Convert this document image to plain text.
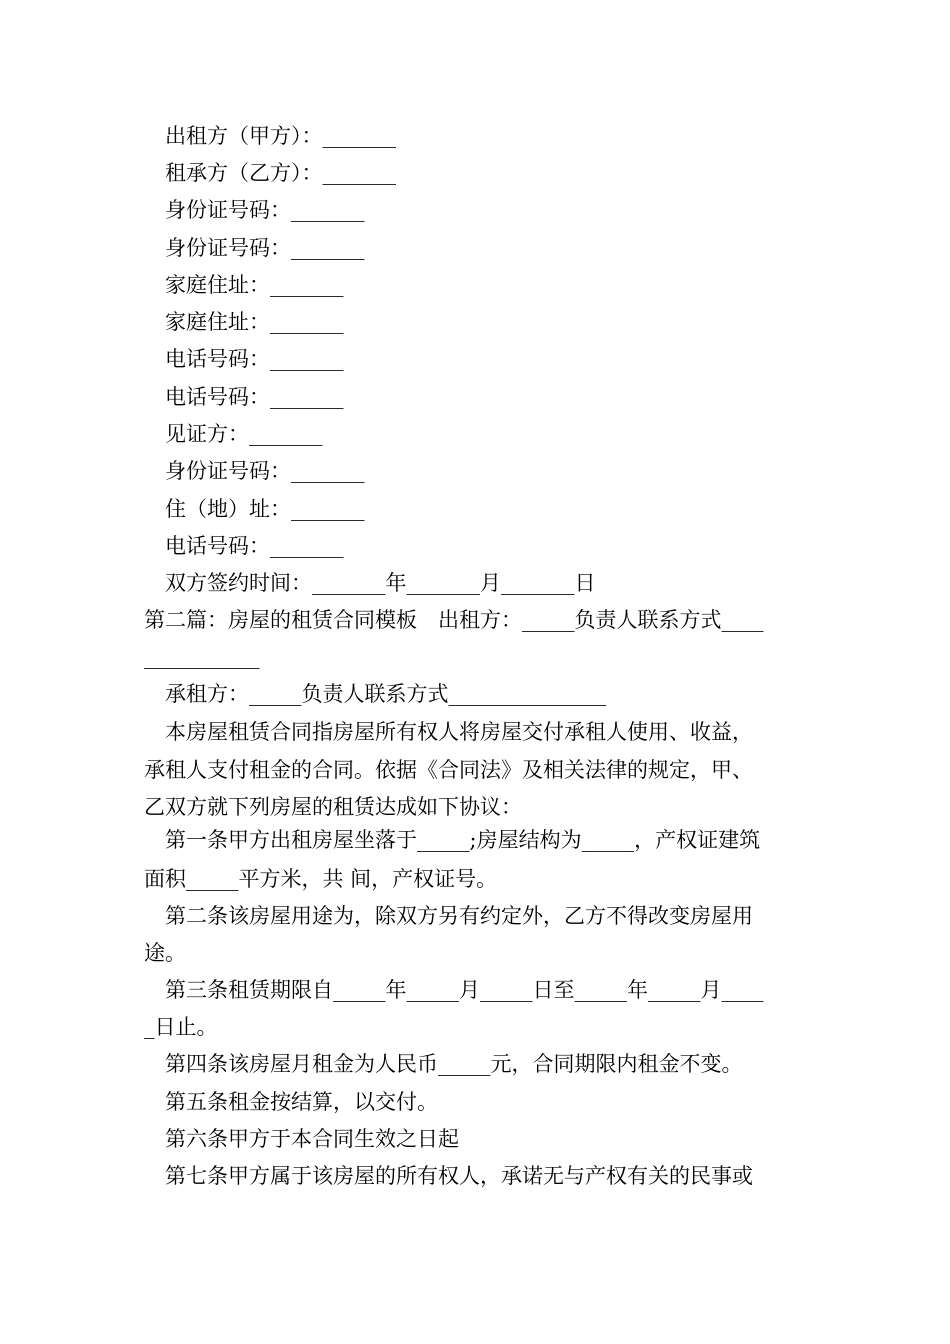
出租方（甲方）：_______
租承方（乙方）：_______
身份证号码：_______
身份证号码：_______
家庭住址：_______
家庭住址：_______
电话号码：_______
电话号码：_______
见证方：_______
身份证号码：_______
住（地）址：_______
电话号码：_______
双方签约时间：_______年_______月_______日
第二篇：房屋的租赁合同模板　出租方：_____负责人联系方式____
___________
承租方：_____负责人联系方式_______________
本房屋租赁合同指房屋所有权人将房屋交付承租人使用、收益，
承租人支付租金的合同。依据《合同法》及相关法律的规定，甲、
乙双方就下列房屋的租赁达成如下协议：
第一条甲方出租房屋坐落于_____;房屋结构为_____，产权证建筑
面积_____平方米，共 间，产权证号。
第二条该房屋用途为，除双方另有约定外，乙方不得改变房屋用
途。
第三条租赁期限自_____年_____月_____日至_____年_____月____
_日止。
第四条该房屋月租金为人民币_____元，合同期限内租金不变。
第五条租金按结算，以交付。
第六条甲方于本合同生效之日起
第七条甲方属于该房屋的所有权人，承诺无与产权有关的民事或
